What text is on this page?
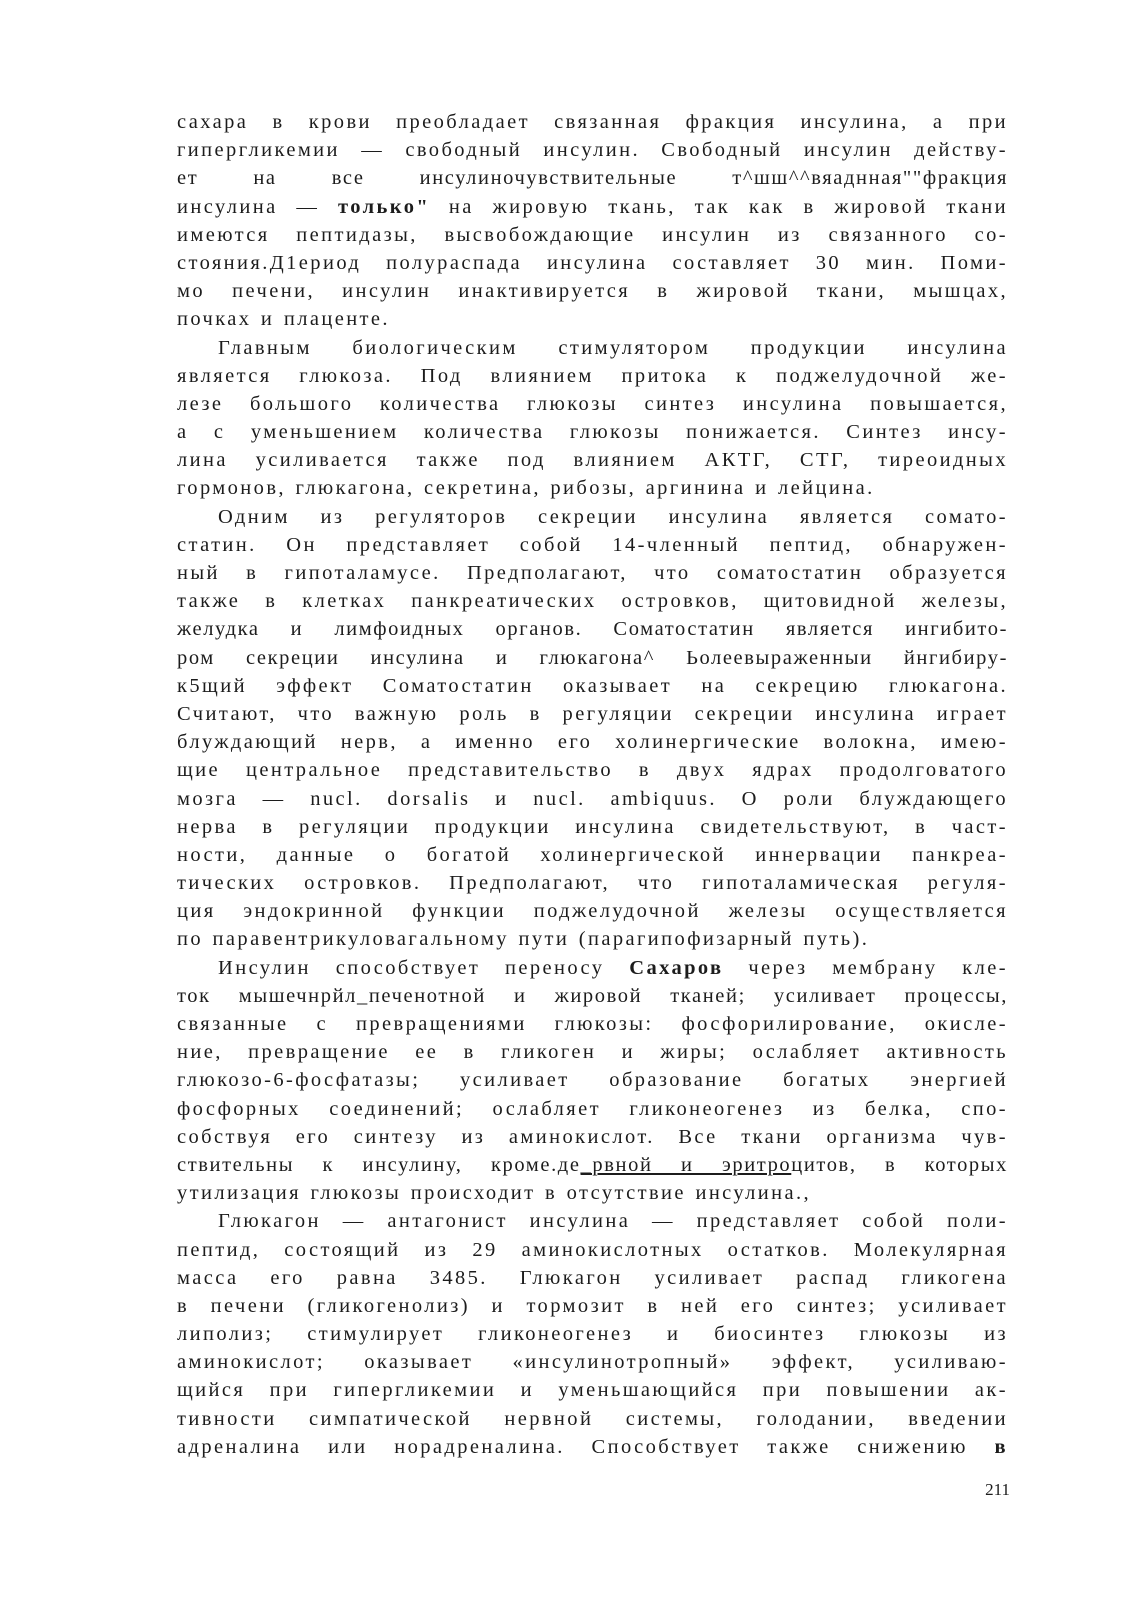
сахара в крови преобладает связанная фракция инсулина, а при
гипергликемии — свободный инсулин. Свободный инсулин действу-
ет на все инсулиночувствительные т^шш^^вяаднная""фракция
инсулина — только" на жировую ткань, так как в жировой ткани
имеются пептидазы, высвобождающие инсулин из связанного со-
стояния.Д1ериод полураспада инсулина составляет 30 мин. Поми-
мо печени, инсулин инактивируется в жировой ткани, мышцах,
почках и плаценте.
Главным биологическим стимулятором продукции инсулина
является глюкоза. Под влиянием притока к поджелудочной же-
лезе большого количества глюкозы синтез инсулина повышается,
а с уменьшением количества глюкозы понижается. Синтез инсу-
лина усиливается также под влиянием АКТГ, СТГ, тиреоидных
гормонов, глюкагона, секретина, рибозы, аргинина и лейцина.
Одним из регуляторов секреции инсулина является сомато-
статин. Он представляет собой 14-членный пептид, обнаружен-
ный в гипоталамусе. Предполагают, что соматостатин образуется
также в клетках панкреатических островков, щитовидной железы,
желудка и лимфоидных органов. Соматостатин является ингибито-
ром секреции инсулина и глюкагона^ Ьолеевыраженныи йнгибиру-
к5щий эффект Соматостатин оказывает на секрецию глюкагона.
Считают, что важную роль в регуляции секреции инсулина играет
блуждающий нерв, а именно его холинергические волокна, имею-
щие центральное представительство в двух ядрах продолговатого
мозга — nucl. dorsalis и nucl. ambiquus. О роли блуждающего
нерва в регуляции продукции инсулина свидетельствуют, в част-
ности, данные о богатой холинергической иннервации панкреа-
тических островков. Предполагают, что гипоталамическая регуля-
ция эндокринной функции поджелудочной железы осуществляется
по паравентрикуловагальному пути (парагипофизарный путь).
Инсулин способствует переносу Сахаров через мембрану кле-
ток мышечнрйл_печенотной и жировой тканей; усиливает процессы,
связанные с превращениями глюкозы: фосфорилирование, окисле-
ние, превращение ее в гликоген и жиры; ослабляет активность
глюкозо-6-фосфатазы; усиливает образование богатых энергией
фосфорных соединений; ослабляет гликонеогенез из белка, спо-
собствуя его синтезу из аминокислот. Все ткани организма чув-
ствительны к инсулину, кроме.де_рвной и эритроцитов, в которых
утилизация глюкозы происходит в отсутствие инсулина.,
Глюкагон — антагонист инсулина — представляет собой поли-
пептид, состоящий из 29 аминокислотных остатков. Молекулярная
масса его равна 3485. Глюкагон усиливает распад гликогена
в печени (гликогенолиз) и тормозит в ней его синтез; усиливает
липолиз; стимулирует гликонеогенез и биосинтез глюкозы из
аминокислот; оказывает «инсулинотропный» эффект, усиливаю-
щийся при гипергликемии и уменьшающийся при повышении ак-
тивности симпатической нервной системы, голодании, введении
адреналина или норадреналина. Способствует также снижению в
211
